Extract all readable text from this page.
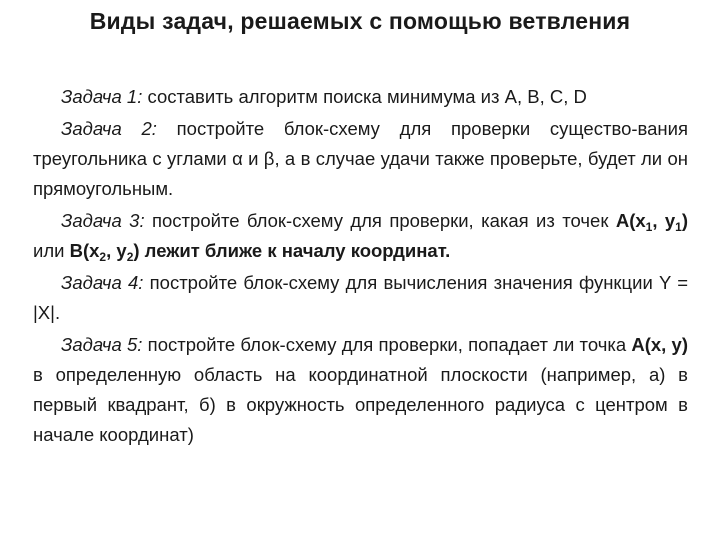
Виды задач, решаемых с помощью ветвления

Задача 1: составить алгоритм поиска минимума из A, B, C, D

Задача 2: постройте блок-схему для проверки существо-вания треугольника с углами α и β, а в случае удачи также проверьте, будет ли он прямоугольным.

Задача 3: постройте блок-схему для проверки, какая из точек $A(x_1$, $y_1$) или $B(x_2$, $y_2$) лежит ближе к началу координат.

Задача 4: постройте блок-схему для вычисления значения функции Y = |X|.

Задача 5: постройте блок-схему для проверки, попадает ли точка A(x, y) в определенную область на координатной плоскости (например, а) в первый квадрант, б) в окружность определенного радиуса с центром в начале координат)
